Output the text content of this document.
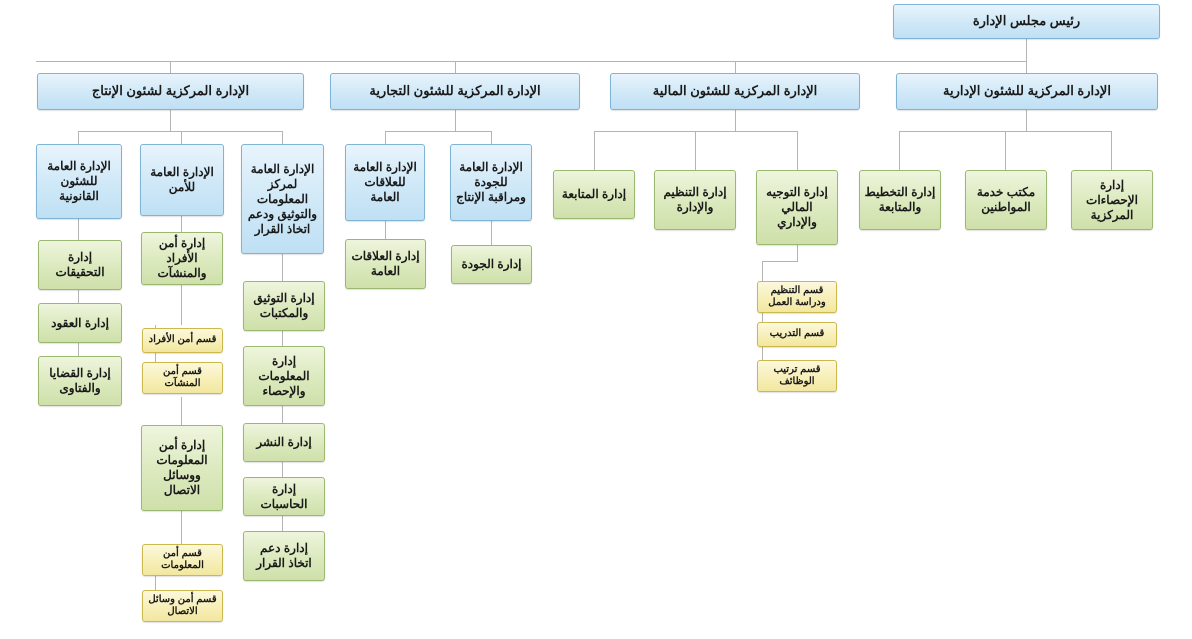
رئيس مجلس الإدارة
الإدارة المركزية لشئون الإنتاج	الإدارة المركزية للشئون التجارية	الإدارة المركزية للشئون المالية	الإدارة المركزية للشئون الإدارية
الإدارة العامة للشئون القانونية
الإدارة العامة للأمن
الإدارة العامة لمركز المعلومات والتوثيق ودعم اتخاذ القرار
الإدارة العامة للعلاقات العامة
الإدارة العامة للجودة ومراقبة الإنتاج
إدارة التحقيقات
إدارة العقود
إدارة القضايا والفتاوى
إدارة أمن الأفراد والمنشآت
قسم أمن الأفراد
قسم أمن المنشآت
إدارة أمن المعلومات ووسائل الاتصال
قسم أمن المعلومات
قسم أمن وسائل الاتصال
إدارة التوثيق والمكتبات
إدارة المعلومات والإحصاء
إدارة النشر
إدارة الحاسبات
إدارة دعم اتخاذ القرار
إدارة العلاقات العامة	إدارة الجودة
إدارة المتابعة	إدارة التنظيم والإدارة
إدارة التوجيه المالي والإداري
قسم التنظيم ودراسة العمل
قسم التدريب
قسم ترتيب الوظائف
إدارة التخطيط والمتابعة
مكتب خدمة المواطنين
إدارة الإحصاءات المركزية
